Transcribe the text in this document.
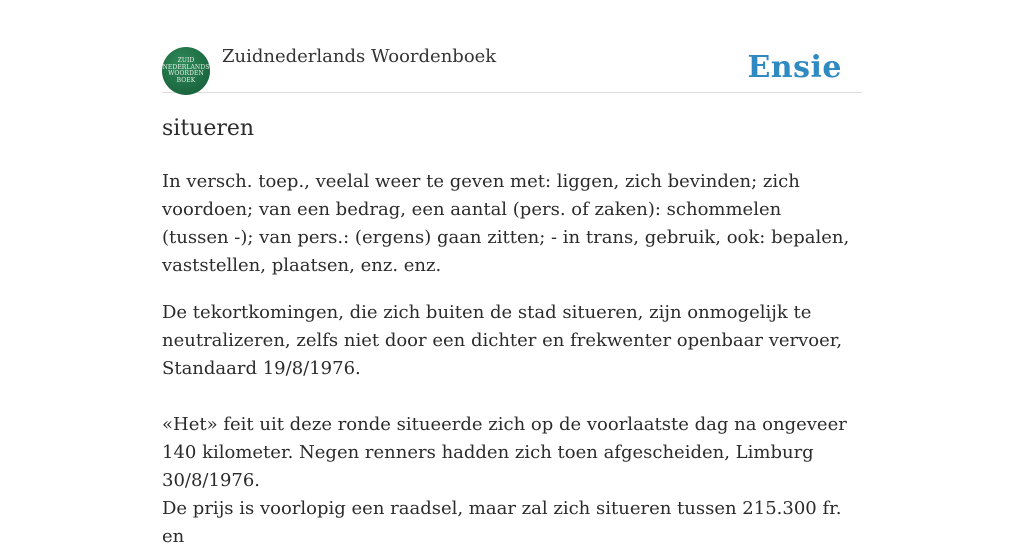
ZUID
NEDERLANDS
WOORDEN
BOEK
Zuidnederlands Woordenboek	Ensie
situeren

In versch. toep., veelal weer te geven met: liggen, zich bevinden; zich voordoen; van een bedrag, een aantal (pers. of zaken): schommelen (tussen -); van pers.: (ergens) gaan zitten; - in trans, gebruik, ook: bepalen, vaststellen, plaatsen, enz. enz.

De tekortkomingen, die zich buiten de stad situeren, zijn onmogelijk te neutralizeren, zelfs niet door een dichter en frekwenter openbaar vervoer, Standaard 19/8/1976.

«Het» feit uit deze ronde situeerde zich op de voorlaatste dag na ongeveer 140 kilometer. Negen renners hadden zich toen afgescheiden, Limburg 30/8/1976.

De prijs is voorlopig een raadsel, maar zal zich situeren tussen 215.300 fr. en
